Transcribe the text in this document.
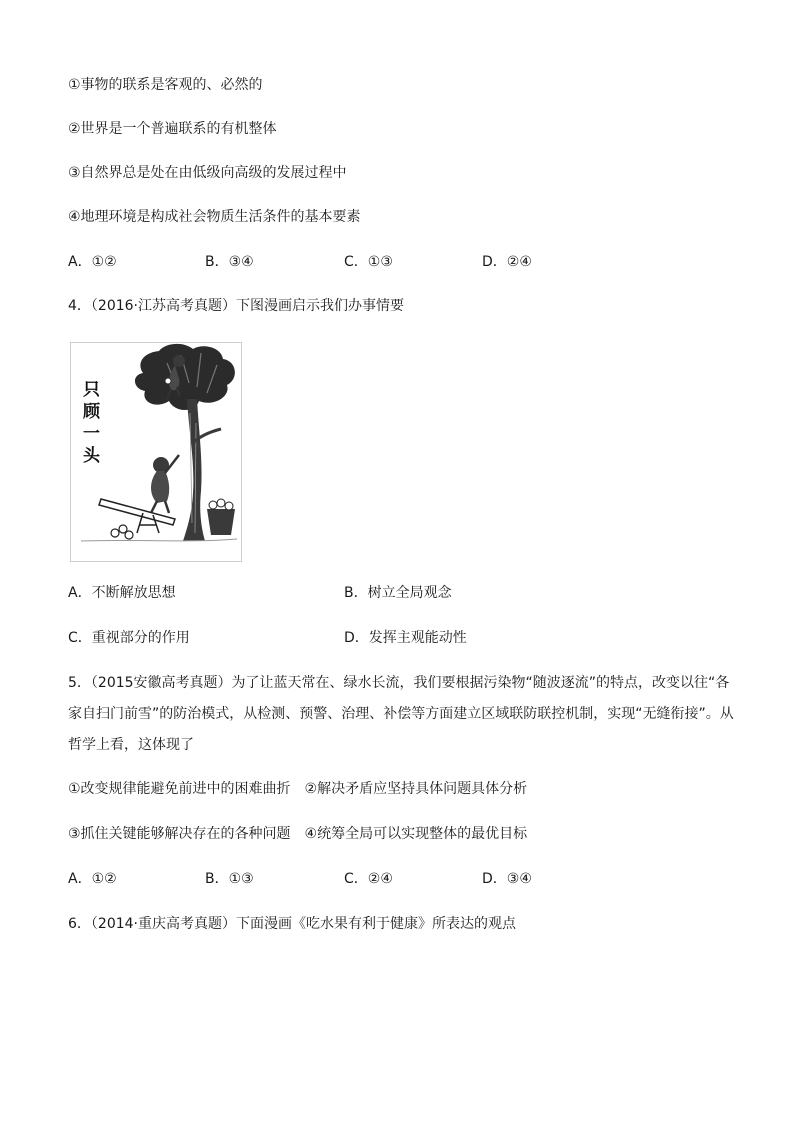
①事物的联系是客观的、必然的
②世界是一个普遍联系的有机整体
③自然界总是处在由低级向高级的发展过程中
④地理环境是构成社会物质生活条件的基本要素
A．①②	B．③④	C．①③	D．②④
4．（2016·江苏高考真题）下图漫画启示我们办事情要
只
顾
一
头
A．不断解放思想	B．树立全局观念
C．重视部分的作用	D．发挥主观能动性
5．（2015安徽高考真题）为了让蓝天常在、绿水长流，我们要根据污染物“随波逐流”的特点，改变以往“各
家自扫门前雪”的防治模式，从检测、预警、治理、补偿等方面建立区域联防联控机制，实现“无缝衔接”。从
哲学上看，这体现了
①改变规律能避免前进中的困难曲折　②解决矛盾应坚持具体问题具体分析
③抓住关键能够解决存在的各种问题　④统筹全局可以实现整体的最优目标
A．①②	B．①③	C．②④	D．③④
6．（2014·重庆高考真题）下面漫画《吃水果有利于健康》所表达的观点
